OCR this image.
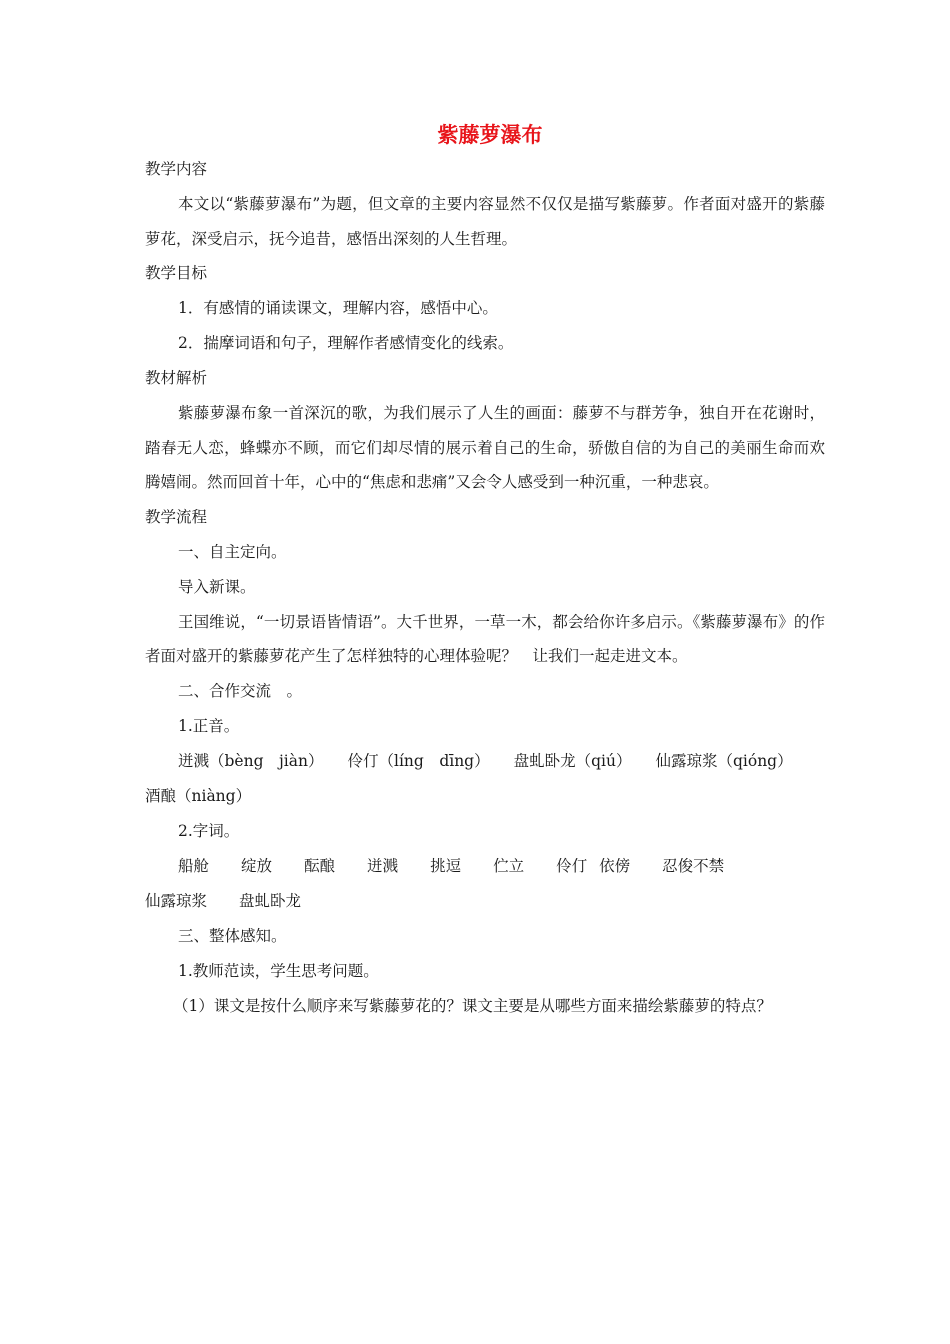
紫藤萝瀑布
教学内容
本文以“紫藤萝瀑布”为题，但文章的主要内容显然不仅仅是描写紫藤萝。作者面对盛开的紫藤萝花，深受启示，抚今追昔，感悟出深刻的人生哲理。
教学目标
1．有感情的诵读课文，理解内容，感悟中心。
2．揣摩词语和句子，理解作者感情变化的线索。
教材解析
紫藤萝瀑布象一首深沉的歌，为我们展示了人生的画面：藤萝不与群芳争，独自开在花谢时，踏春无人恋，蜂蝶亦不顾，而它们却尽情的展示着自己的生命，骄傲自信的为自己的美丽生命而欢腾嬉闹。然而回首十年，心中的“焦虑和悲痛”又会令人感受到一种沉重，一种悲哀。
教学流程
一、自主定向。
导入新课。
王国维说，“一切景语皆情语”。大千世界，一草一木，都会给你许多启示。《紫藤萝瀑布》的作者面对盛开的紫藤萝花产生了怎样独特的心理体验呢？　让我们一起走进文本。
二、合作交流　。
1.正音。
迸溅（bèng　jiàn） 伶仃（líng　dīng） 盘虬卧龙（qiú） 仙露琼浆（qióng）
酒酿（niàng）
2.字词。
船舱 绽放 酝酿 迸溅 挑逗 伫立 伶仃 依傍 忍俊不禁
仙露琼浆 盘虬卧龙
三、整体感知。
1.教师范读，学生思考问题。
（1）课文是按什么顺序来写紫藤萝花的？课文主要是从哪些方面来描绘紫藤萝的特点？
